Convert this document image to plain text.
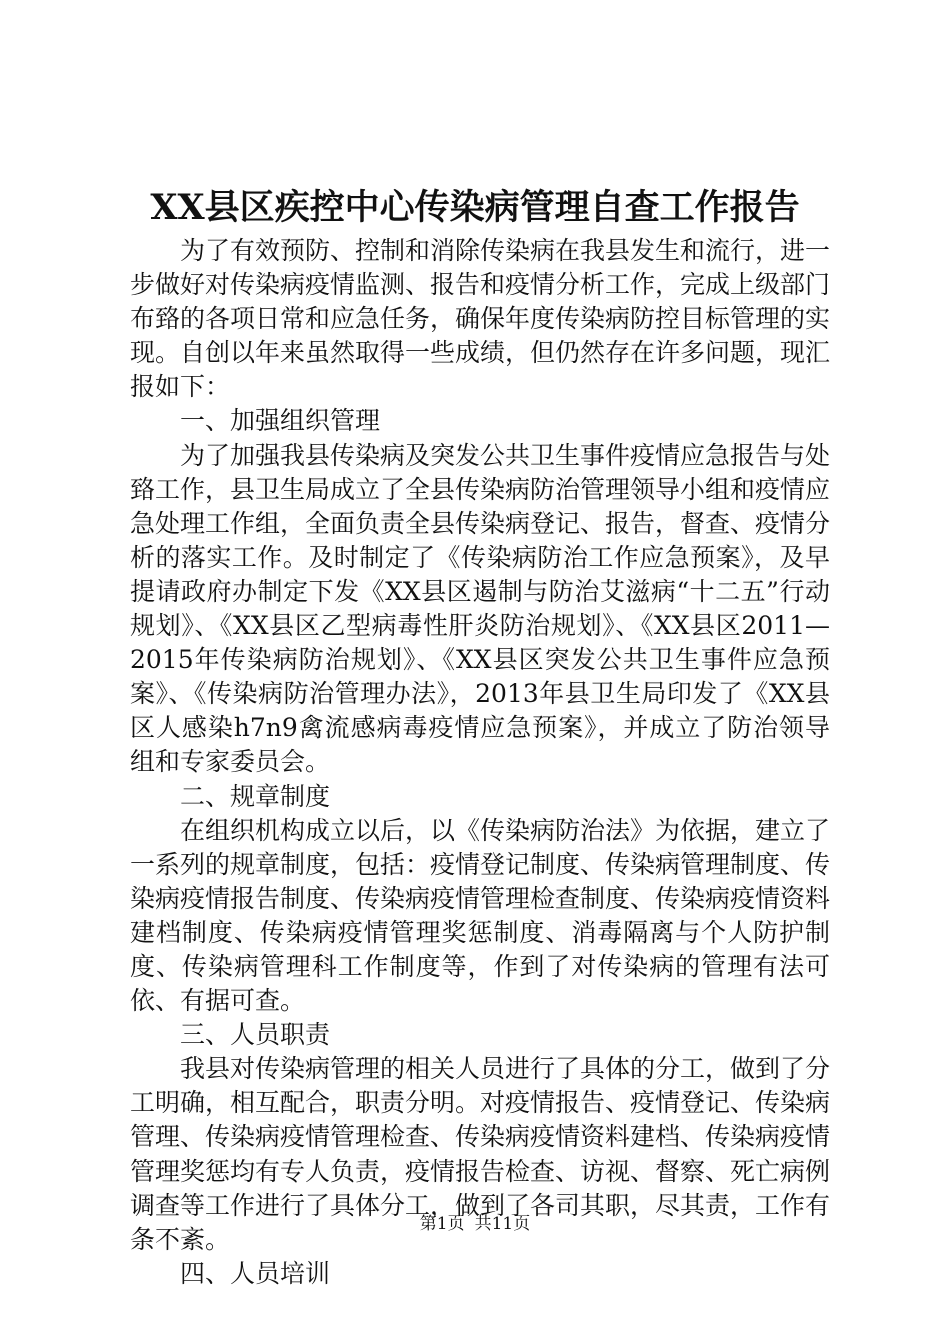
XX县区疾控中心传染病管理自查工作报告

为了有效预防、控制和消除传染病在我县发生和流行，进一步做好对传染病疫情监测、报告和疫情分析工作，完成上级部门布臵的各项日常和应急任务，确保年度传染病防控目标管理的实现。自创以年来虽然取得一些成绩，但仍然存在许多问题，现汇报如下：

一、加强组织管理

为了加强我县传染病及突发公共卫生事件疫情应急报告与处臵工作，县卫生局成立了全县传染病防治管理领导小组和疫情应急处理工作组，全面负责全县传染病登记、报告，督查、疫情分析的落实工作。及时制定了《传染病防治工作应急预案》，及早提请政府办制定下发《XX县区遏制与防治艾滋病“十二五”行动规划》、《XX县区乙型病毒性肝炎防治规划》、《XX县区2011—2015年传染病防治规划》、《XX县区突发公共卫生事件应急预案》、《传染病防治管理办法》，2013年县卫生局印发了《XX县区人感染h7n9禽流感病毒疫情应急预案》，并成立了防治领导组和专家委员会。

二、规章制度

在组织机构成立以后，以《传染病防治法》为依据，建立了一系列的规章制度，包括：疫情登记制度、传染病管理制度、传染病疫情报告制度、传染病疫情管理检查制度、传染病疫情资料建档制度、传染病疫情管理奖惩制度、消毒隔离与个人防护制度、传染病管理科工作制度等，作到了对传染病的管理有法可依、有据可查。

三、人员职责

我县对传染病管理的相关人员进行了具体的分工，做到了分工明确，相互配合，职责分明。对疫情报告、疫情登记、传染病管理、传染病疫情管理检查、传染病疫情资料建档、传染病疫情管理奖惩均有专人负责，疫情报告检查、访视、督察、死亡病例调查等工作进行了具体分工，做到了各司其职，尽其责，工作有条不紊。

四、人员培训

第1页 共11页
